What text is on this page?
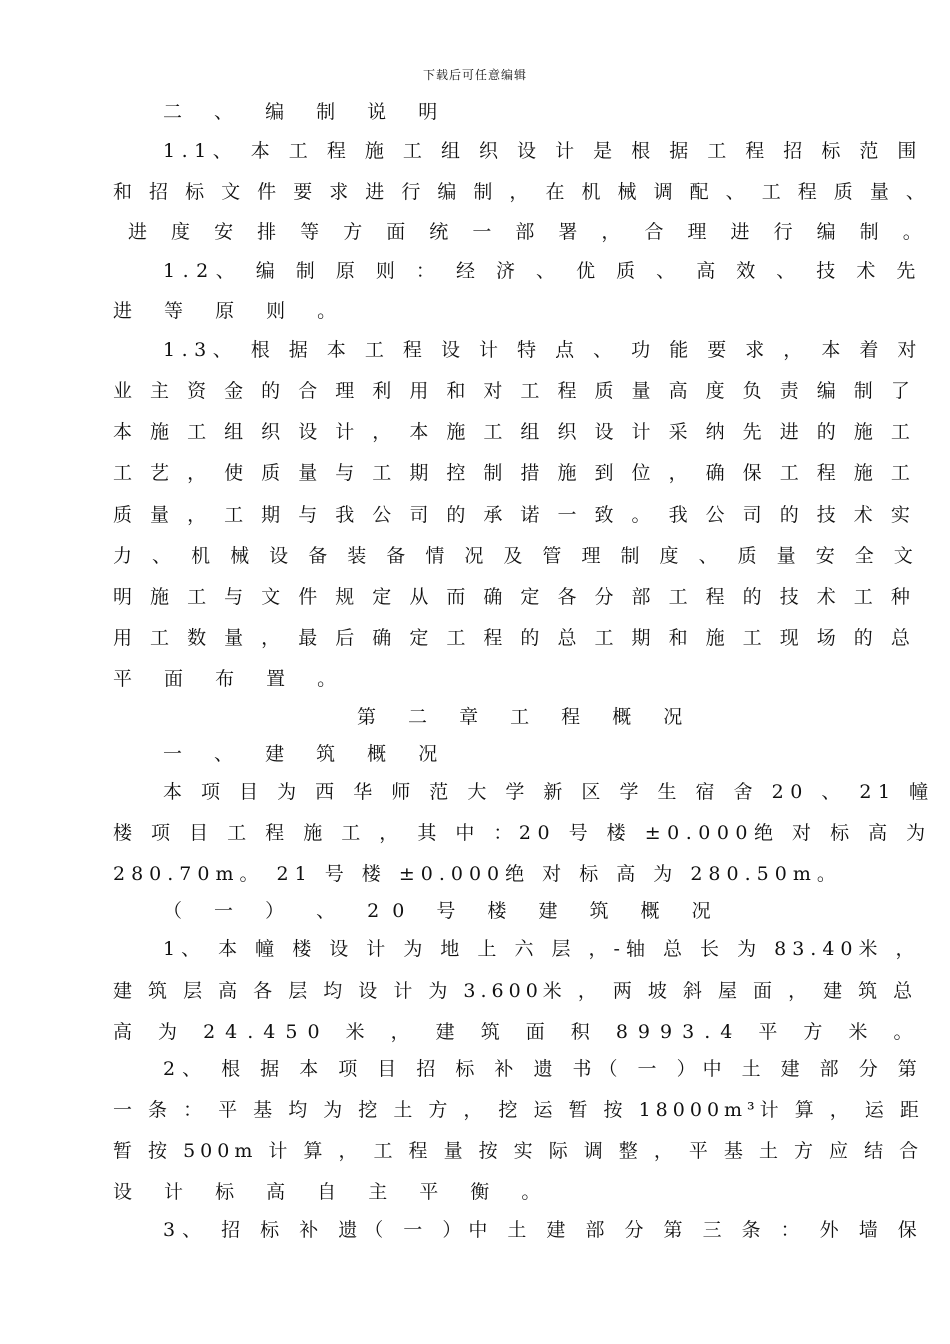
下载后可任意编辑
二 、 编 制 说 明
1.1、 本 工 程 施 工 组 织 设 计 是 根 据 工 程 招 标 范 围
和 招 标 文 件 要 求 进 行 编 制 ， 在 机 械 调 配 、 工 程 质 量 、
进 度 安 排 等 方 面 统 一 部 署 ， 合 理 进 行 编 制 。
1.2、 编 制 原 则 ： 经 济 、 优 质 、 高 效 、 技 术 先
进 等 原 则 。
1.3、 根 据 本 工 程 设 计 特 点 、 功 能 要 求 ， 本 着 对
业 主 资 金 的 合 理 利 用 和 对 工 程 质 量 高 度 负 责 编 制 了
本 施 工 组 织 设 计 ， 本 施 工 组 织 设 计 采 纳 先 进 的 施 工
工 艺 ， 使 质 量 与 工 期 控 制 措 施 到 位 ， 确 保 工 程 施 工
质 量 ， 工 期 与 我 公 司 的 承 诺 一 致 。 我 公 司 的 技 术 实
力 、 机 械 设 备 装 备 情 况 及 管 理 制 度 、 质 量 安 全 文
明 施 工 与 文 件 规 定 从 而 确 定 各 分 部 工 程 的 技 术 工 种
用 工 数 量 ， 最 后 确 定 工 程 的 总 工 期 和 施 工 现 场 的 总
平 面 布 置 。
第 二 章 工 程 概 况
一 、 建 筑 概 况
本 项 目 为 西 华 师 范 大 学 新 区 学 生 宿 舍 20 、 21 幢
楼 项 目 工 程 施 工 ， 其 中 ：20 号 楼 ±0.000绝 对 标 高 为
280.70m。 21 号 楼 ±0.000绝 对 标 高 为 280.50m。
（ 一 ） 、 20 号 楼 建 筑 概 况
1、 本 幢 楼 设 计 为 地 上 六 层 ，-轴 总 长 为 83.40米 ，
建 筑 层 高 各 层 均 设 计 为 3.600米 ， 两 坡 斜 屋 面 ， 建 筑 总
高 为 24.450 米 ， 建 筑 面 积 8993.4 平 方 米 。
2、 根 据 本 项 目 招 标 补 遗 书（ 一 ）中 土 建 部 分 第
一 条 ： 平 基 均 为 挖 土 方 ， 挖 运 暂 按 18000m³计 算 ， 运 距
暂 按 500m 计 算 ， 工 程 量 按 实 际 调 整 ， 平 基 土 方 应 结 合
设 计 标 高 自 主 平 衡 。
3、 招 标 补 遗（ 一 ）中 土 建 部 分 第 三 条 ： 外 墙 保
